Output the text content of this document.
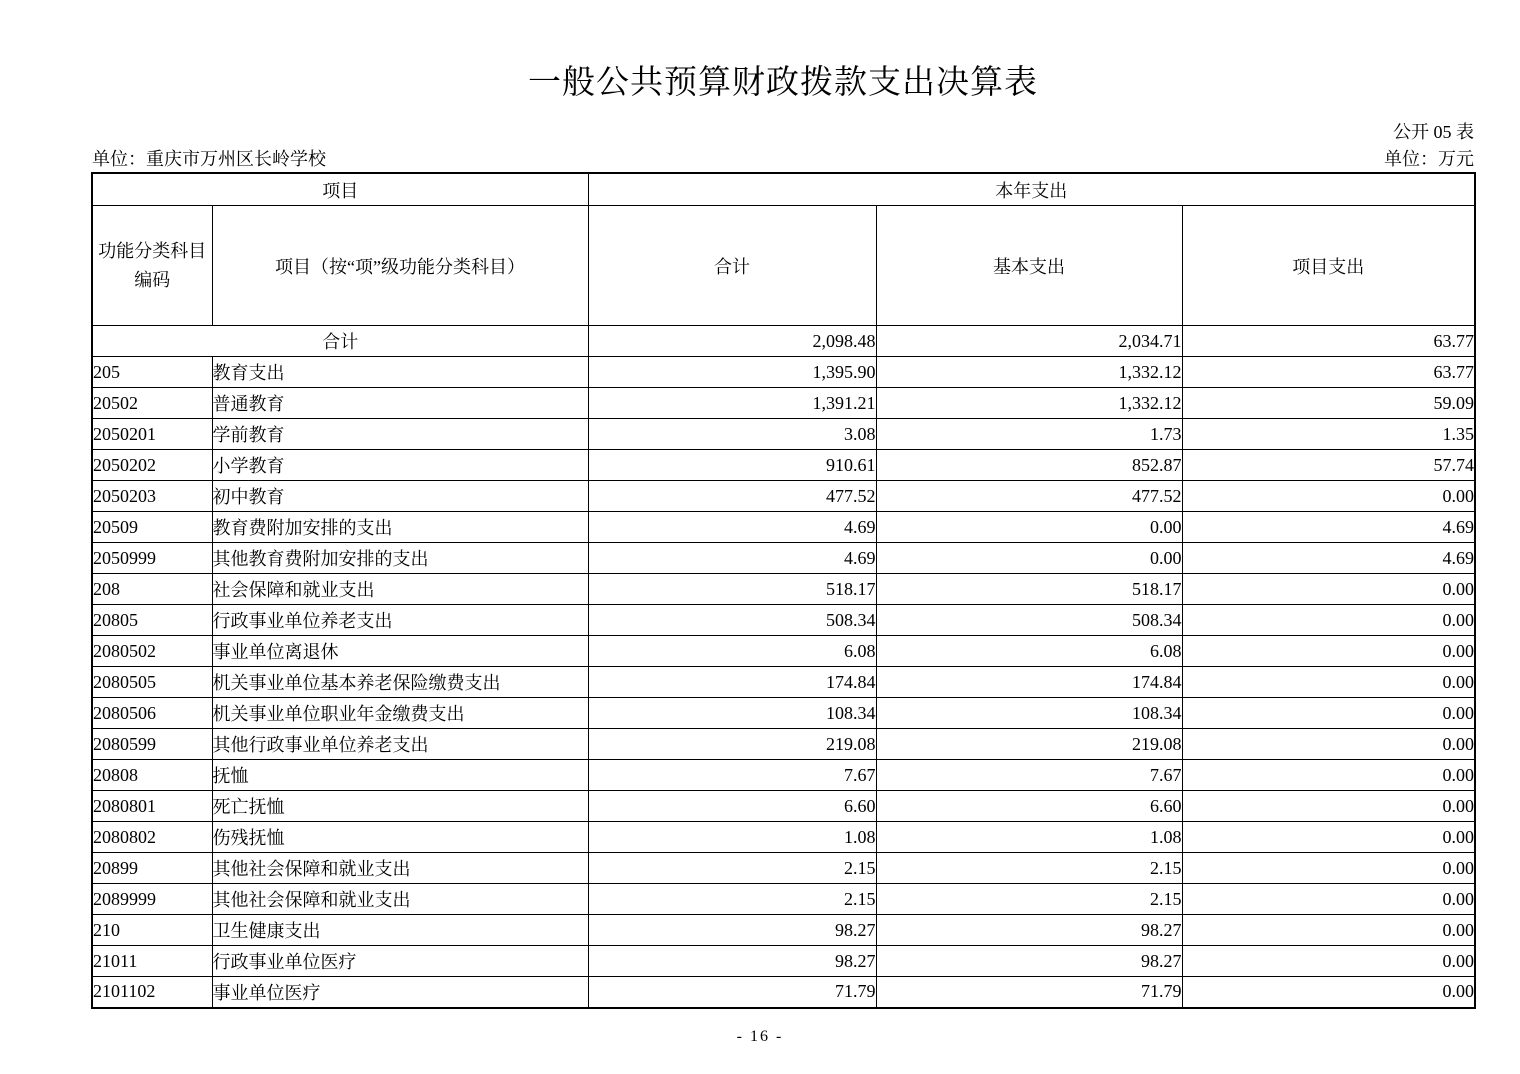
一般公共预算财政拨款支出决算表
公开 05 表
单位：重庆市万州区长岭学校	单位：万元
项目		本年支出		

功能分类科目
编码	项目（按“项”级功能分类科目）	合计	基本支出	项目支出
合计		2,098.48	2,034.71	63.77
205	教育支出	1,395.90	1,332.12	63.77
20502	普通教育	1,391.21	1,332.12	59.09
2050201	学前教育	3.08	1.73	1.35
2050202	小学教育	910.61	852.87	57.74
2050203	初中教育	477.52	477.52	0.00
20509	教育费附加安排的支出	4.69	0.00	4.69
2050999	其他教育费附加安排的支出	4.69	0.00	4.69
208	社会保障和就业支出	518.17	518.17	0.00
20805	行政事业单位养老支出	508.34	508.34	0.00
2080502	事业单位离退休	6.08	6.08	0.00
2080505	机关事业单位基本养老保险缴费支出	174.84	174.84	0.00
2080506	机关事业单位职业年金缴费支出	108.34	108.34	0.00
2080599	其他行政事业单位养老支出	219.08	219.08	0.00
20808	抚恤	7.67	7.67	0.00
2080801	死亡抚恤	6.60	6.60	0.00
2080802	伤残抚恤	1.08	1.08	0.00
20899	其他社会保障和就业支出	2.15	2.15	0.00
2089999	其他社会保障和就业支出	2.15	2.15	0.00
210	卫生健康支出	98.27	98.27	0.00
21011	行政事业单位医疗	98.27	98.27	0.00
2101102	事业单位医疗	71.79	71.79	0.00
- 16 -
